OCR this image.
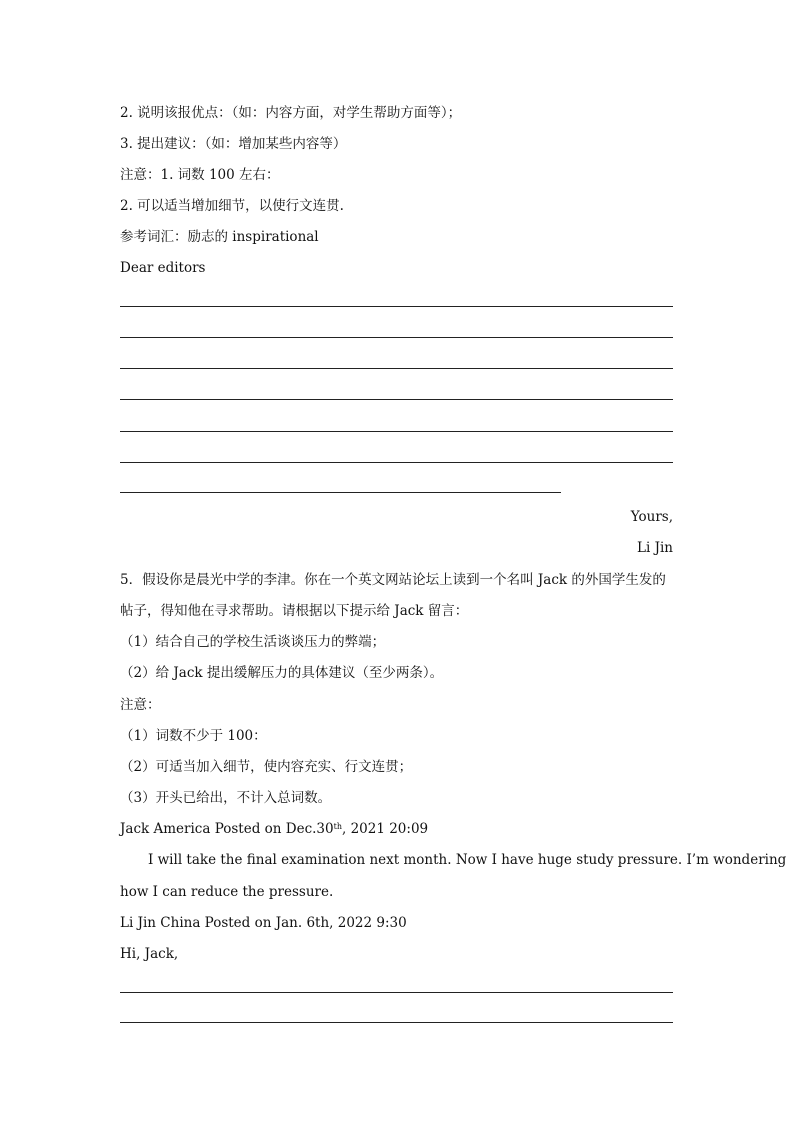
2. 说明该报优点：（如：内容方面，对学生帮助方面等）；
3. 提出建议：（如：增加某些内容等）
注意：1. 词数 100 左右：
2. 可以适当增加细节，以使行文连贯.
参考词汇：励志的 inspirational
Dear editors
Yours,
Li Jin
5．假设你是晨光中学的李津。你在一个英文网站论坛上读到一个名叫 Jack 的外国学生发的
帖子，得知他在寻求帮助。请根据以下提示给 Jack 留言：
（1）结合自己的学校生活谈谈压力的弊端；
（2）给 Jack 提出缓解压力的具体建议（至少两条）。
注意：
（1）词数不少于 100：
（2）可适当加入细节，使内容充实、行文连贯；
（3）开头已给出，不计入总词数。
Jack America Posted on Dec.30th, 2021 20:09
I will take the final examination next month. Now I have huge study pressure. I’m wondering
how I can reduce the pressure.
Li Jin China Posted on Jan. 6th, 2022 9:30
Hi, Jack,
